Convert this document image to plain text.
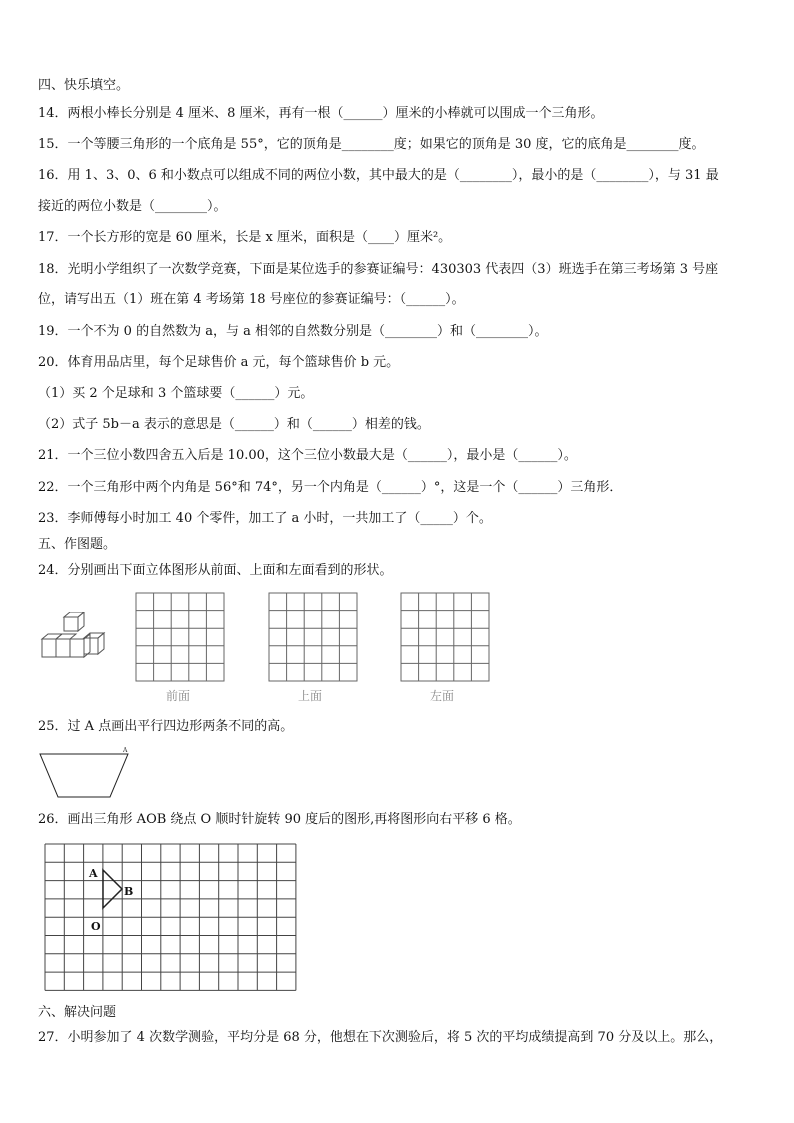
四、快乐填空。
14．两根小棒长分别是 4 厘米、8 厘米，再有一根（______）厘米的小棒就可以围成一个三角形。
15．一个等腰三角形的一个底角是 55°，它的顶角是________度；如果它的顶角是 30 度，它的底角是________度。
16．用 1、3、0、6 和小数点可以组成不同的两位小数，其中最大的是（________），最小的是（________），与 31 最
接近的两位小数是（________）。
17．一个长方形的宽是 60 厘米，长是 x 厘米，面积是（____）厘米²。
18．光明小学组织了一次数学竞赛，下面是某位选手的参赛证编号：430303 代表四（3）班选手在第三考场第 3 号座
位，请写出五（1）班在第 4 考场第 18 号座位的参赛证编号：（______）。
19．一个不为 0 的自然数为 a，与 a 相邻的自然数分别是（________）和（________）。
20．体育用品店里，每个足球售价 a 元，每个篮球售价 b 元。
（1）买 2 个足球和 3 个篮球要（______）元。
（2）式子 5b－a 表示的意思是（______）和（______）相差的钱。
21．一个三位小数四舍五入后是 10.00，这个三位小数最大是（______），最小是（______）。
22．一个三角形中两个内角是 56°和 74°，另一个内角是（______）°，这是一个（______）三角形．
23．李师傅每小时加工 40 个零件，加工了 a 小时，一共加工了（_____）个。
五、作图题。
24．分别画出下面立体图形从前面、上面和左面看到的形状。
前面	上面	左面
25．过 A 点画出平行四边形两条不同的高。
A
26．画出三角形 AOB 绕点 O 顺时针旋转 90 度后的图形,再将图形向右平移 6 格。
A
B
O
六、解决问题
27．小明参加了 4 次数学测验，平均分是 68 分，他想在下次测验后，将 5 次的平均成绩提高到 70 分及以上。那么，
